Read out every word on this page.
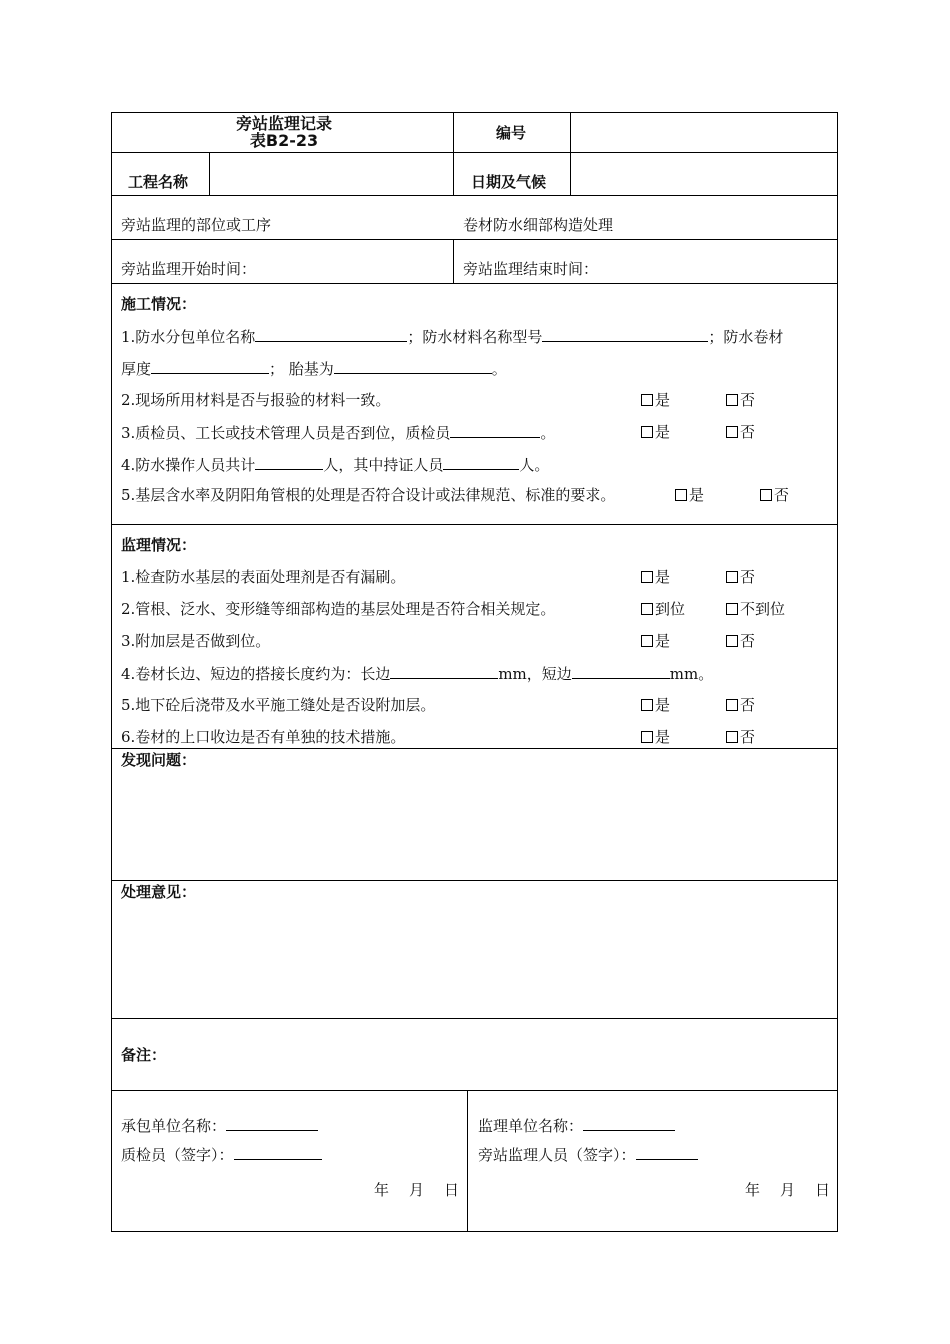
旁站监理记录
表B2-23	编号
工程名称	日期及气候
旁站监理的部位或工序	卷材防水细部构造处理
旁站监理开始时间：	旁站监理结束时间：
施工情况：
1.防水分包单位名称	；防水材料名称型号	；防水卷材
厚度	； 胎基为	。
2.现场所用材料是否与报验的材料一致。	是	否
3.质检员、工长或技术管理人员是否到位，质检员	。	是	否
4.防水操作人员共计	人，其中持证人员	人。
5.基层含水率及阴阳角管根的处理是否符合设计或法律规范、标准的要求。	是	否
监理情况：
1.检查防水基层的表面处理剂是否有漏刷。	是	否
2.管根、泛水、变形缝等细部构造的基层处理是否符合相关规定。	到位	不到位
3.附加层是否做到位。	是	否
4.卷材长边、短边的搭接长度约为：长边	mm，短边	mm。
5.地下砼后浇带及水平施工缝处是否设附加层。	是	否
6.卷材的上口收边是否有单独的技术措施。	是	否
发现问题：
处理意见：
备注：
承包单位名称：
质检员（签字）：
年 月 日
监理单位名称：
旁站监理人员（签字）：
年 月 日
